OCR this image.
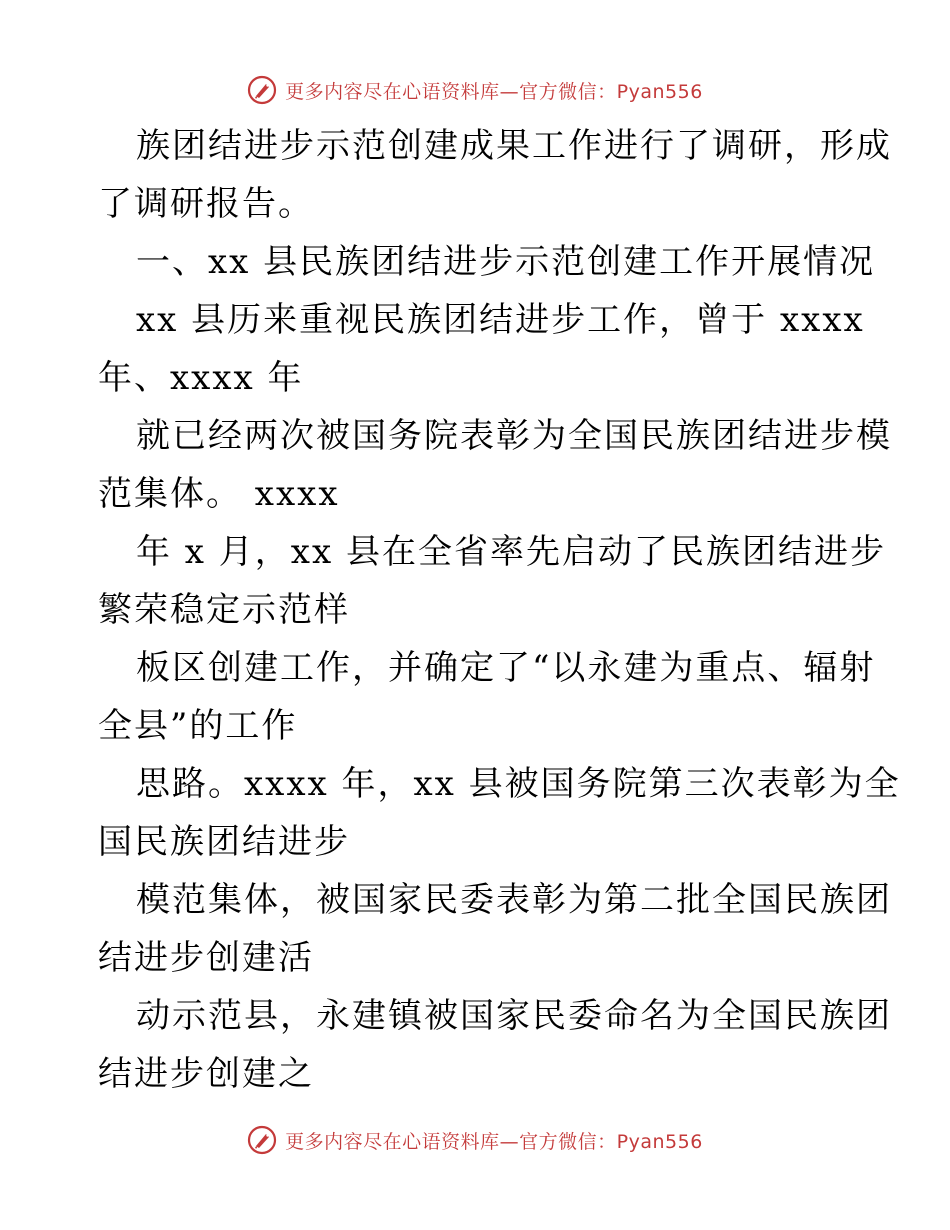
更多内容尽在心语资料库—官方微信：Pyan556
族团结进步示范创建成果工作进行了调研，形成
了调研报告。
一、xx 县民族团结进步示范创建工作开展情况
xx 县历来重视民族团结进步工作，曾于 xxxx
年、xxxx 年
就已经两次被国务院表彰为全国民族团结进步模
范集体。 xxxx
年 x 月，xx 县在全省率先启动了民族团结进步
繁荣稳定示范样
板区创建工作，并确定了“以永建为重点、辐射
全县”的工作
思路。xxxx 年，xx 县被国务院第三次表彰为全
国民族团结进步
模范集体，被国家民委表彰为第二批全国民族团
结进步创建活
动示范县，永建镇被国家民委命名为全国民族团
结进步创建之
更多内容尽在心语资料库—官方微信：Pyan556
